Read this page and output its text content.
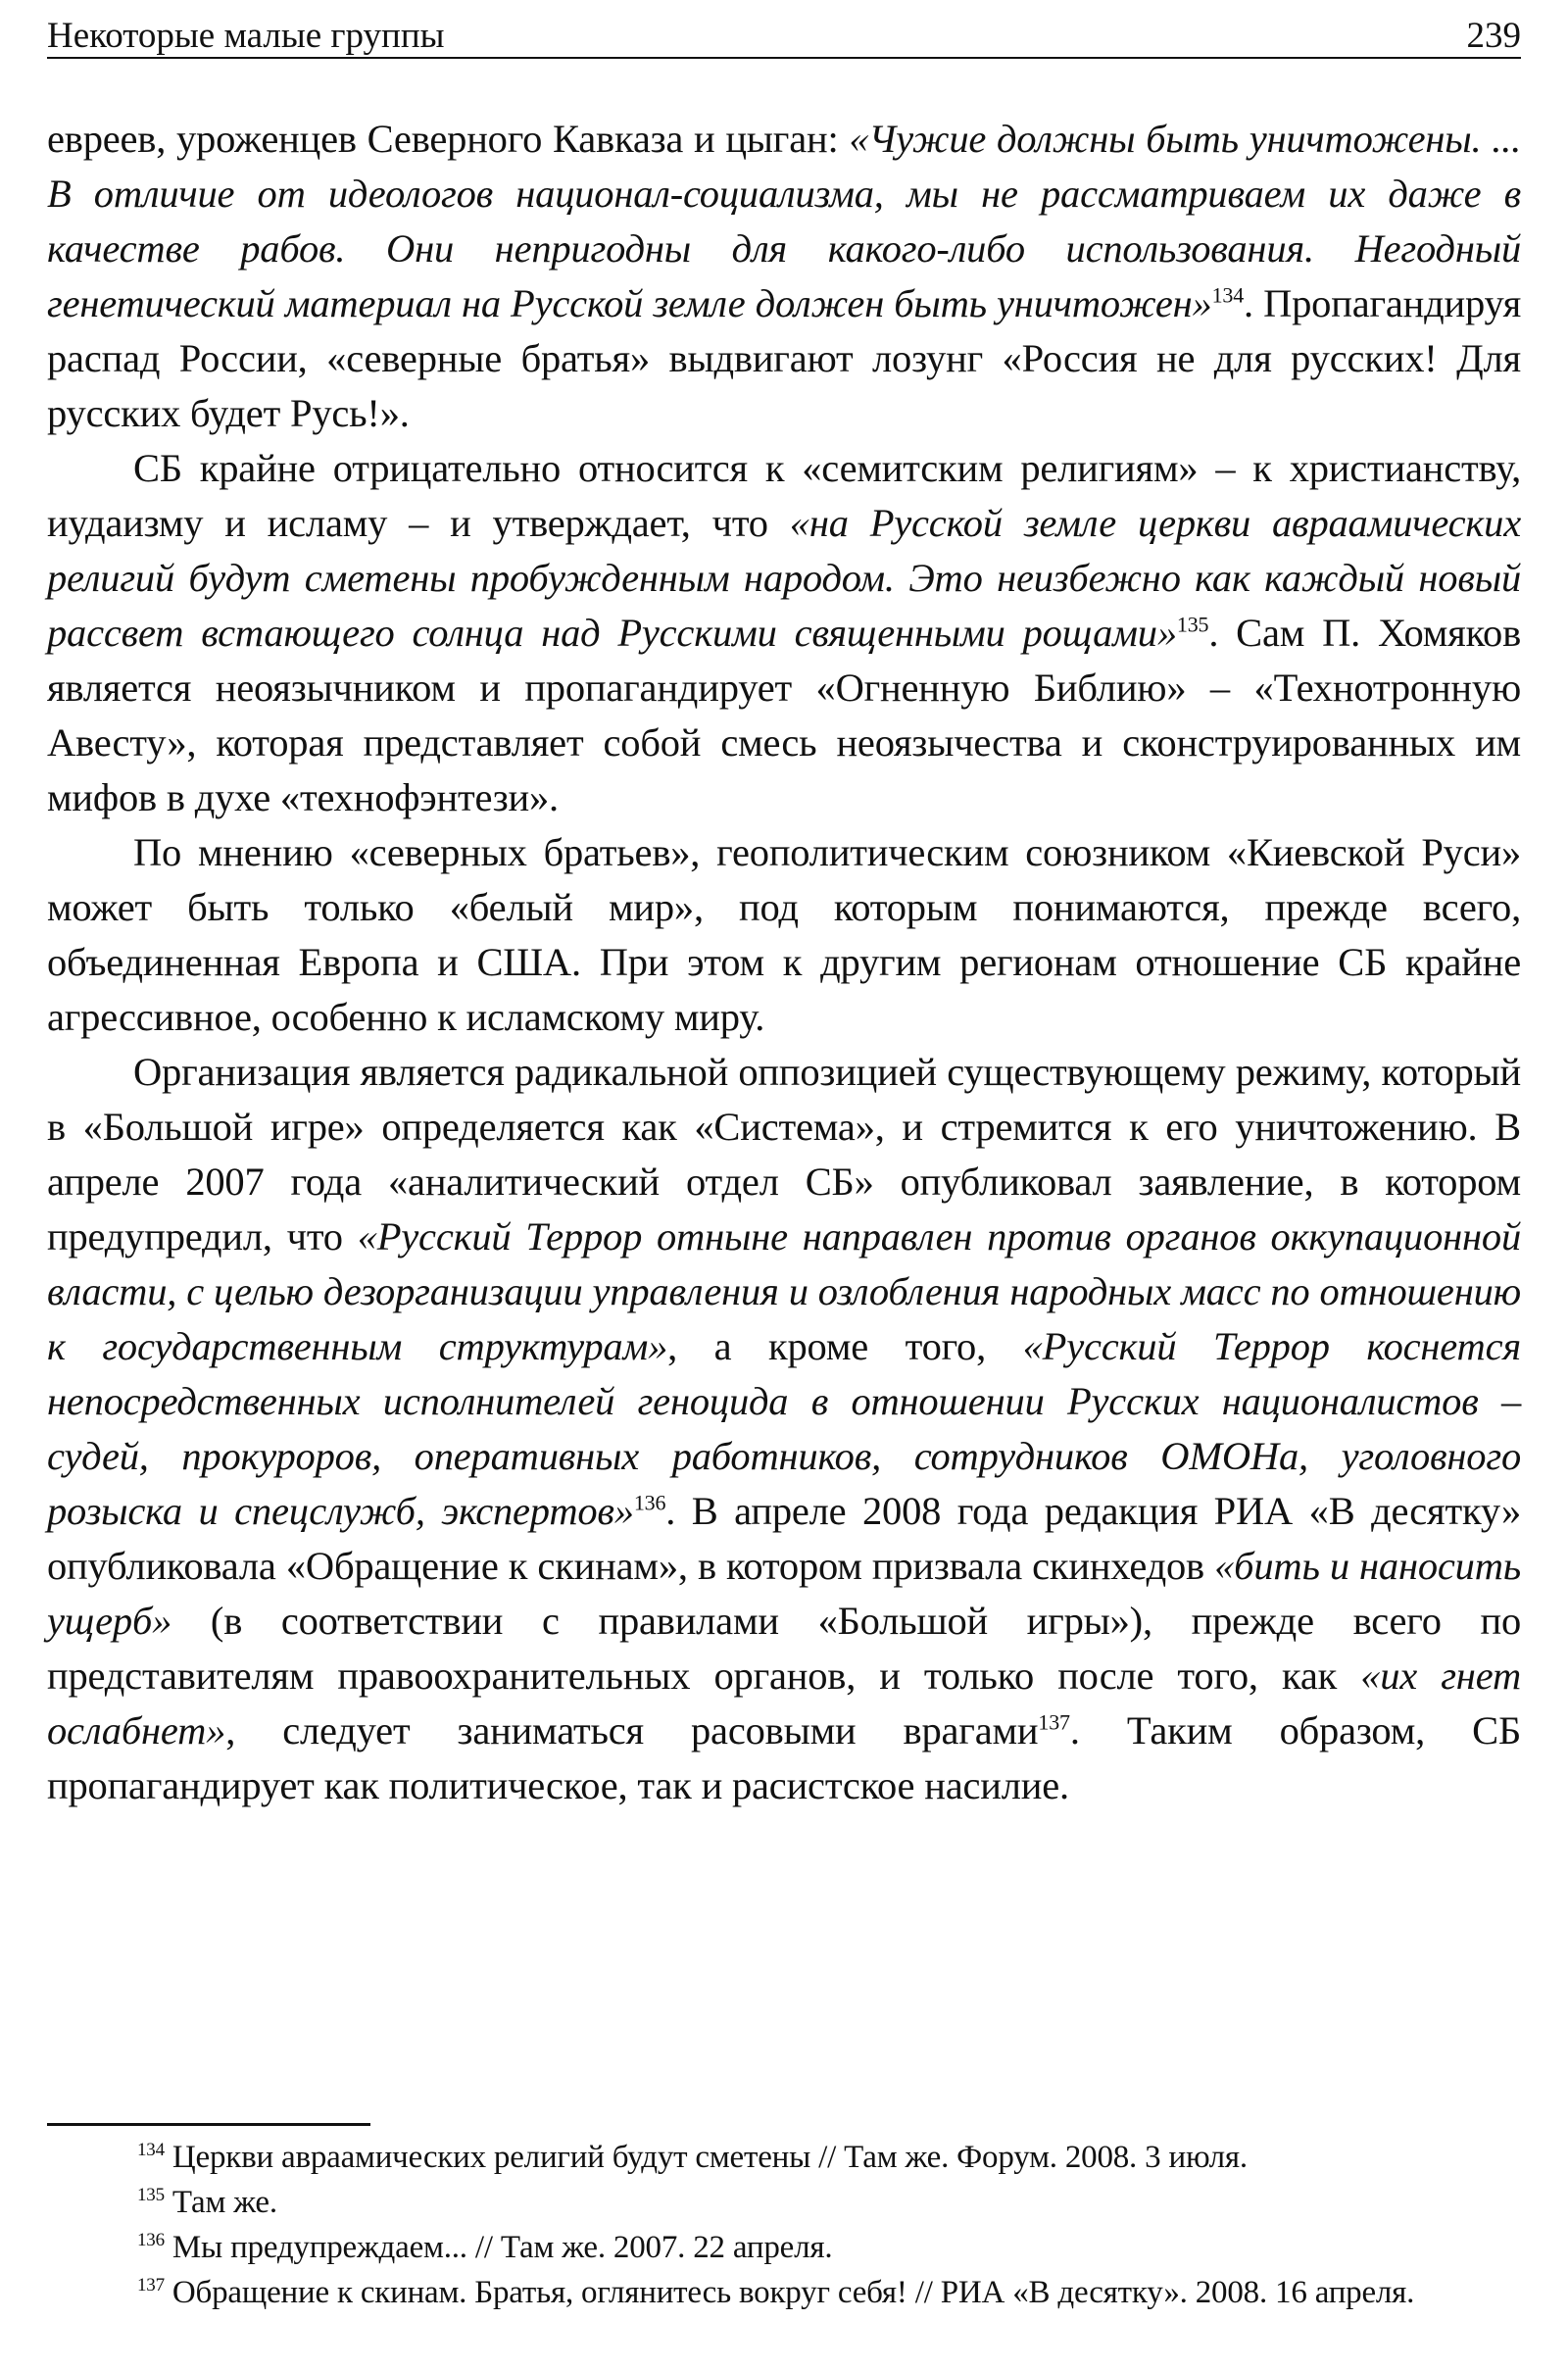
Некоторые малые группы	239

евреев, уроженцев Северного Кавказа и цыган: «Чужие должны быть уничтожены. ... В отличие от идеологов национал-социализма, мы не рассматриваем их даже в качестве рабов. Они непригодны для какого-либо использования. Негодный генетический материал на Русской земле должен быть уничтожен»$^{134}$. Пропагандируя распад России, «северные братья» выдвигают лозунг «Россия не для русских! Для русских будет Русь!».

СБ крайне отрицательно относится к «семитским религиям» – к христианству, иудаизму и исламу – и утверждает, что «на Русской земле церкви авраамических религий будут сметены пробужденным народом. Это неизбежно как каждый новый рассвет встающего солнца над Русскими священными рощами»$^{135}$. Сам П. Хомяков является неоязычником и пропагандирует «Огненную Библию» – «Технотронную Авесту», которая представляет собой смесь неоязычества и сконструированных им мифов в духе «технофэнтези».

По мнению «северных братьев», геополитическим союзником «Киевской Руси» может быть только «белый мир», под которым понимаются, прежде всего, объединенная Европа и США. При этом к другим регионам отношение СБ крайне агрессивное, особенно к исламскому миру.

Организация является радикальной оппозицией существующему режиму, который в «Большой игре» определяется как «Система», и стремится к его уничтожению. В апреле 2007 года «аналитический отдел СБ» опубликовал заявление, в котором предупредил, что «Русский Террор отныне направлен против органов оккупационной власти, с целью дезорганизации управления и озлобления народных масс по отношению к государственным структурам», а кроме того, «Русский Террор коснется непосредственных исполнителей геноцида в отношении Русских националистов – судей, прокуроров, оперативных работников, сотрудников ОМОНа, уголовного розыска и спецслужб, экспертов»$^{136}$. В апреле 2008 года редакция РИА «В десятку» опубликовала «Обращение к скинам», в котором призвала скинхедов «бить и наносить ущерб» (в соответствии с правилами «Большой игры»), прежде всего по представителям правоохранительных органов, и только после того, как «их гнет ослабнет», следует заниматься расовыми врагами$^{137}$. Таким образом, СБ пропагандирует как политическое, так и расистское насилие.

$^{134}$ Церкви авраамических религий будут сметены // Там же. Форум. 2008. 3 июля.

$^{135}$ Там же.

$^{136}$ Мы предупреждаем... // Там же. 2007. 22 апреля.

$^{137}$ Обращение к скинам. Братья, оглянитесь вокруг себя! // РИА «В десятку». 2008. 16 апреля.
